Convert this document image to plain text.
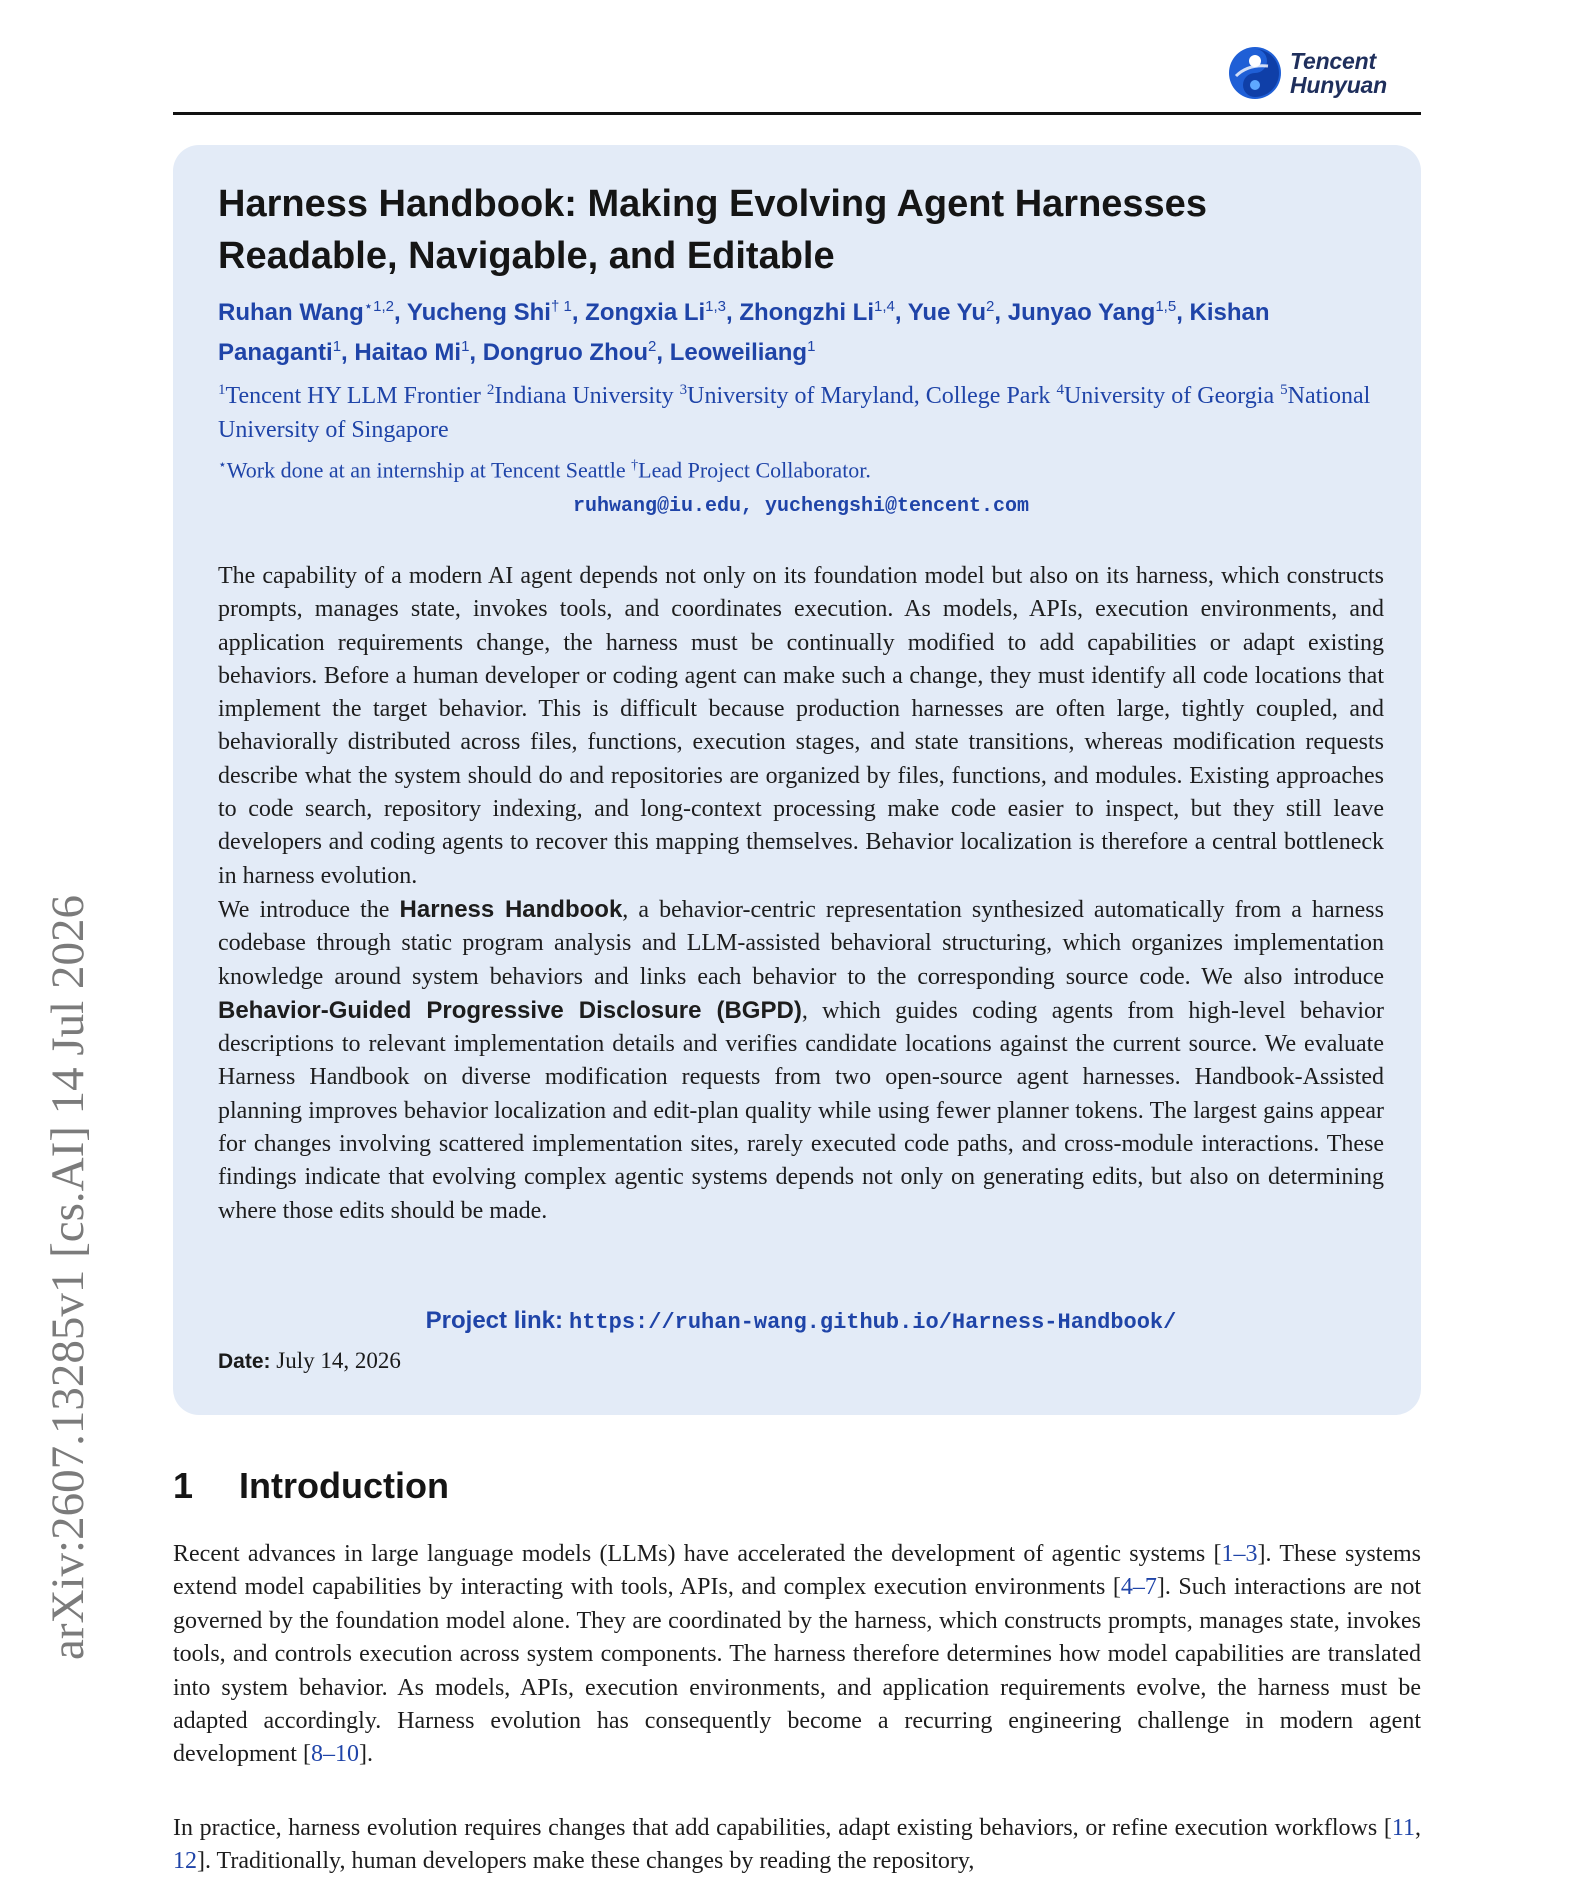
Tencent
Hunyuan
arXiv:2607.13285v1 [cs.AI] 14 Jul 2026
Harness Handbook: Making Evolving Agent Harnesses Readable, Navigable, and Editable
Ruhan Wang$^{⋆1,2}$, Yucheng Shi$^{\dagger 1}$, Zongxia Li$^{1,3}$, Zhongzhi Li$^{1,4}$, Yue Yu$^2$, Junyao Yang$^{1,5}$, Kishan Panaganti$^1$, Haitao Mi$^1$, Dongruo Zhou$^2$, Leoweiliang$^1$
$^1$Tencent HY LLM Frontier $^2$Indiana University $^3$University of Maryland, College Park $^4$University of Georgia $^5$National University of Singapore
⋆Work done at an internship at Tencent Seattle †Lead Project Collaborator.
ruhwang@iu.edu, yuchengshi@tencent.com
The capability of a modern AI agent depends not only on its foundation model but also on its harness, which constructs prompts, manages state, invokes tools, and coordinates execution. As models, APIs, execution environments, and application requirements change, the harness must be continually modified to add capabilities or adapt existing behaviors. Before a human developer or coding agent can make such a change, they must identify all code locations that implement the target behavior. This is difficult because production harnesses are often large, tightly coupled, and behaviorally distributed across files, functions, execution stages, and state transitions, whereas modification requests describe what the system should do and repositories are organized by files, functions, and modules. Existing approaches to code search, repository indexing, and long-context processing make code easier to inspect, but they still leave developers and coding agents to recover this mapping themselves. Behavior localization is therefore a central bottleneck in harness evolution.
We introduce the Harness Handbook, a behavior-centric representation synthesized automatically from a harness codebase through static program analysis and LLM-assisted behavioral structuring, which organizes implementation knowledge around system behaviors and links each behavior to the corresponding source code. We also introduce Behavior-Guided Progressive Disclosure (BGPD), which guides coding agents from high-level behavior descriptions to relevant implementation details and verifies candidate locations against the current source. We evaluate Harness Handbook on diverse modification requests from two open-source agent harnesses. Handbook-Assisted planning improves behavior localization and edit-plan quality while using fewer planner tokens. The largest gains appear for changes involving scattered implementation sites, rarely executed code paths, and cross-module interactions. These findings indicate that evolving complex agentic systems depends not only on generating edits, but also on determining where those edits should be made.
Project link: https://ruhan-wang.github.io/Harness-Handbook/
Date: July 14, 2026
1 Introduction
Recent advances in large language models (LLMs) have accelerated the development of agentic systems [1–3]. These systems extend model capabilities by interacting with tools, APIs, and complex execution environments [4–7]. Such interactions are not governed by the foundation model alone. They are coordinated by the harness, which constructs prompts, manages state, invokes tools, and controls execution across system components. The harness therefore determines how model capabilities are translated into system behavior. As models, APIs, execution environments, and application requirements evolve, the harness must be adapted accordingly. Harness evolution has consequently become a recurring engineering challenge in modern agent development [8–10].
In practice, harness evolution requires changes that add capabilities, adapt existing behaviors, or refine execution workflows [11, 12]. Traditionally, human developers make these changes by reading the repository,
